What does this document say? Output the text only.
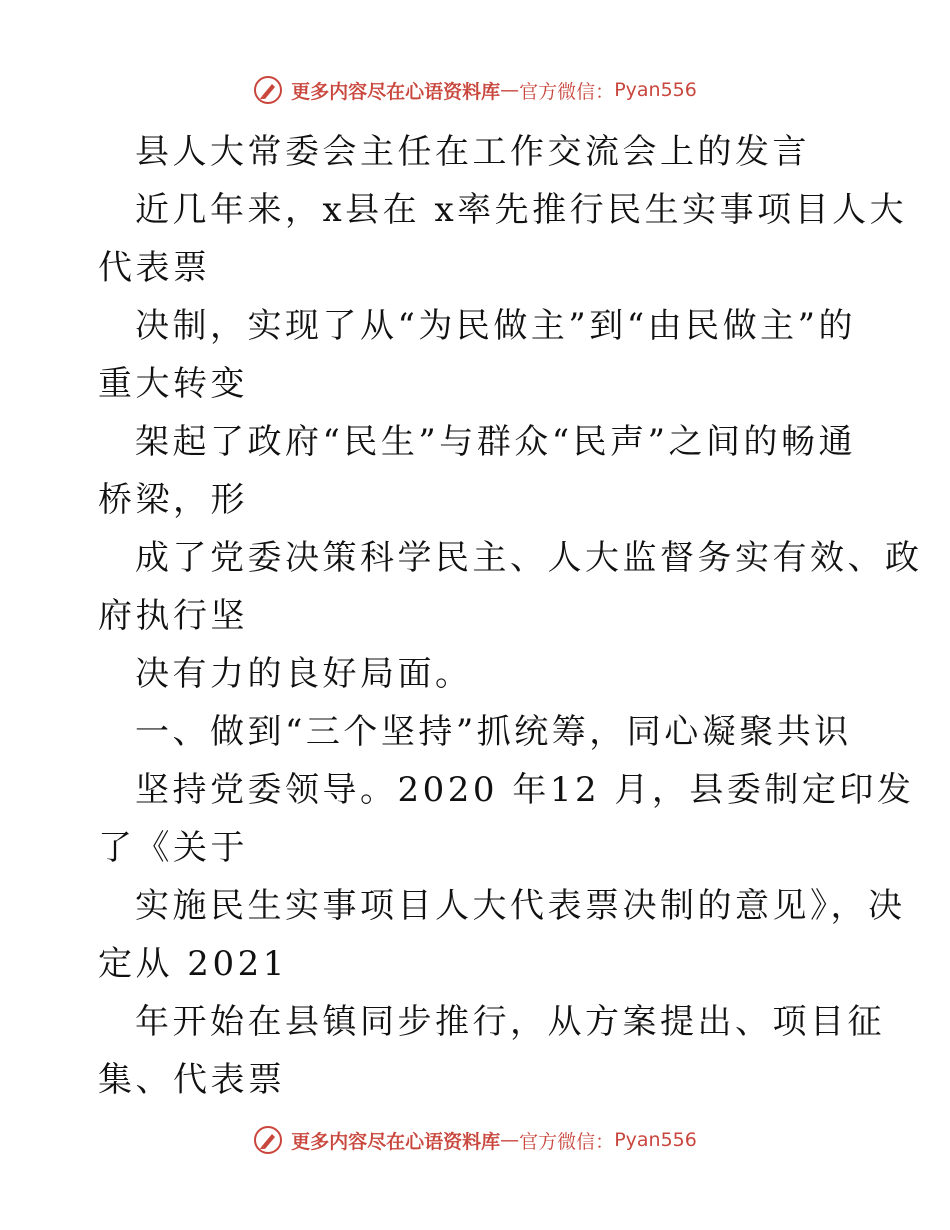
更多内容尽在心语资料库 — 官方微信： Pyan556
县人大常委会主任在工作交流会上的发言
近几年来，x县在 x率先推行民生实事项目人大
代表票
决制，实现了从“为民做主”到“由民做主”的
重大转变
架起了政府“民生”与群众“民声”之间的畅通
桥梁，形
成了党委决策科学民主、人大监督务实有效、政
府执行坚
决有力的良好局面。
一、做到“三个坚持”抓统筹，同心凝聚共识
坚持党委领导。2020 年12 月，县委制定印发
了《关于
实施民生实事项目人大代表票决制的意见》，决
定从 2021
年开始在县镇同步推行，从方案提出、项目征
集、代表票
更多内容尽在心语资料库 — 官方微信： Pyan556
